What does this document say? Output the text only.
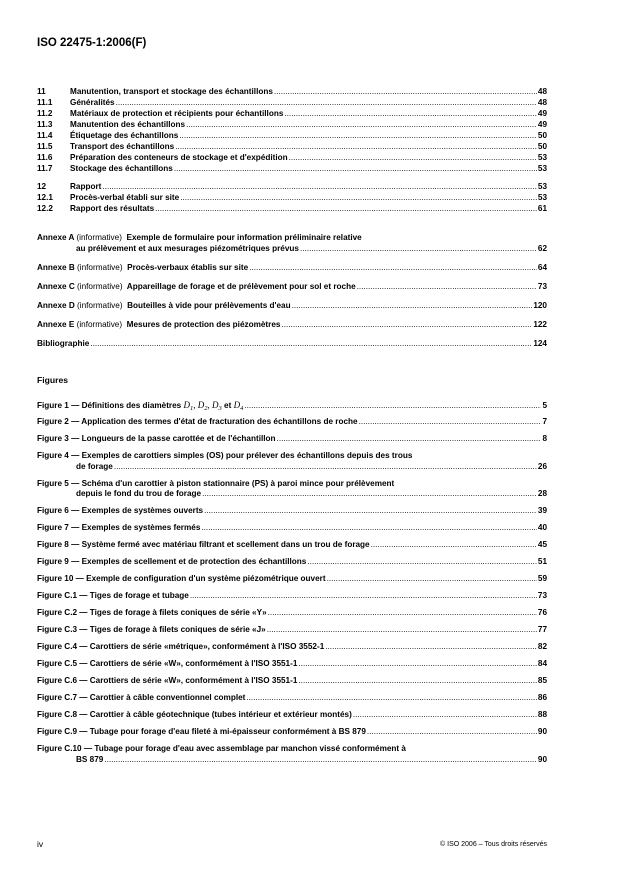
ISO 22475-1:2006(F)
11	Manutention, transport et stockage des échantillons .....	48
11.1	Généralités .....	48
11.2	Matériaux de protection et récipients pour échantillons .....	49
11.3	Manutention des échantillons .....	49
11.4	Étiquetage des échantillons .....	50
11.5	Transport des échantillons .....	50
11.6	Préparation des conteneurs de stockage et d'expédition .....	53
11.7	Stockage des échantillons .....	53
12	Rapport .....	53
12.1	Procès-verbal établi sur site .....	53
12.2	Rapport des résultats .....	61
Annexe A (informative) Exemple de formulaire pour information préliminaire relative
au prélèvement et aux mesurages piézométriques prévus .....	62
Annexe B (informative) Procès-verbaux établis sur site .....	64
Annexe C (informative) Appareillage de forage et de prélèvement pour sol et roche .....	73
Annexe D (informative) Bouteilles à vide pour prélèvements d'eau .....	120
Annexe E (informative) Mesures de protection des piézomètres .....	122
Bibliographie .....	124
Figures
Figure 1 — Définitions des diamètres $D_1$, $D_2$, $D_3$ et $D_4$ .....	5
Figure 2 — Application des termes d'état de fracturation des échantillons de roche .....	7
Figure 3 — Longueurs de la passe carottée et de l'échantillon .....	8
Figure 4 — Exemples de carottiers simples (OS) pour prélever des échantillons depuis des trous
de forage .....	26
Figure 5 — Schéma d'un carottier à piston stationnaire (PS) à paroi mince pour prélèvement
depuis le fond du trou de forage .....	28
Figure 6 — Exemples de systèmes ouverts .....	39
Figure 7 — Exemples de systèmes fermés .....	40
Figure 8 — Système fermé avec matériau filtrant et scellement dans un trou de forage .....	45
Figure 9 — Exemples de scellement et de protection des échantillons .....	51
Figure 10 — Exemple de configuration d'un système piézométrique ouvert .....	59
Figure C.1 — Tiges de forage et tubage .....	73
Figure C.2 — Tiges de forage à filets coniques de série «Y» .....	76
Figure C.3 — Tiges de forage à filets coniques de série «J» .....	77
Figure C.4 — Carottiers de série «métrique», conformément à l'ISO 3552-1 .....	82
Figure C.5 — Carottiers de série «W», conformément à l'ISO 3551-1 .....	84
Figure C.6 — Carottiers de série «W», conformément à l'ISO 3551-1 .....	85
Figure C.7 — Carottier à câble conventionnel complet .....	86
Figure C.8 — Carottier à câble géotechnique (tubes intérieur et extérieur montés) .....	88
Figure C.9 — Tubage pour forage d'eau fileté à mi-épaisseur conformément à BS 879 .....	90
Figure C.10 — Tubage pour forage d'eau avec assemblage par manchon vissé conformément à
BS 879 .....	90
iv	© ISO 2006 – Tous droits réservés
